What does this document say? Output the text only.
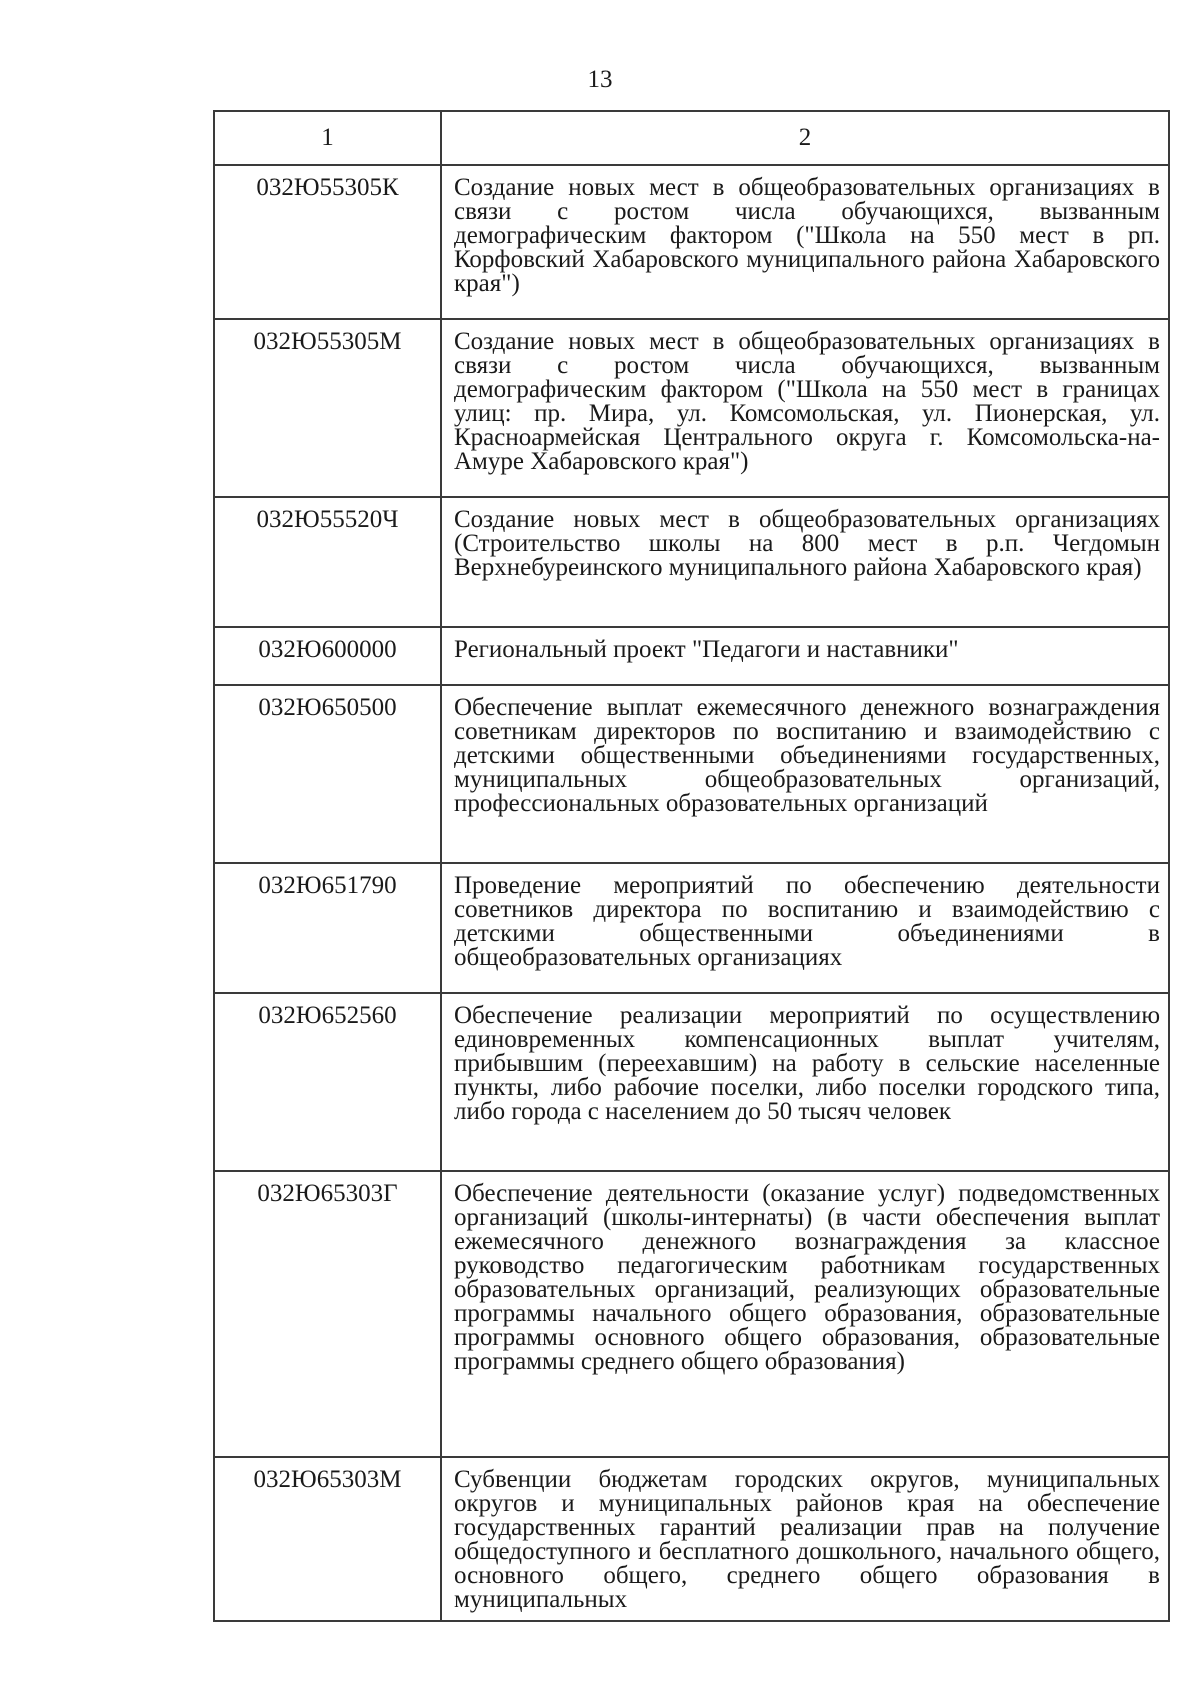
13
1	2
032Ю55305К	Создание новых мест в общеобразовательных организациях в связи с ростом числа обучающихся, вызванным демографическим фактором ("Школа на 550 мест в рп. Корфовский Хабаровского муниципального района Хабаровского края")
032Ю55305М	Создание новых мест в общеобразовательных организациях в связи с ростом числа обучающихся, вызванным демографическим фактором ("Школа на 550 мест в границах улиц: пр. Мира, ул. Комсомольская, ул. Пионерская, ул. Красноармейская Центрального округа г. Комсомольска-на-Амуре Хабаровского края")
032Ю55520Ч	Создание новых мест в общеобразовательных организациях (Строительство школы на 800 мест в р.п. Чегдомын Верхнебуреинского муниципального района Хабаровского края)
032Ю600000	Региональный проект "Педагоги и наставники"
032Ю650500	Обеспечение выплат ежемесячного денежного вознаграждения советникам директоров по воспитанию и взаимодействию с детскими общественными объединениями государственных, муниципальных общеобразовательных организаций, профессиональных образовательных организаций
032Ю651790	Проведение мероприятий по обеспечению деятельности советников директора по воспитанию и взаимодействию с детскими общественными объединениями в общеобразовательных организациях
032Ю652560	Обеспечение реализации мероприятий по осуществлению единовременных компенсационных выплат учителям, прибывшим (переехавшим) на работу в сельские населенные пункты, либо рабочие поселки, либо поселки городского типа, либо города с населением до 50 тысяч человек
032Ю65303Г	Обеспечение деятельности (оказание услуг) подведомственных организаций (школы-интернаты) (в части обеспечения выплат ежемесячного денежного вознаграждения за классное руководство педагогическим работникам государственных образовательных организаций, реализующих образовательные программы начального общего образования, образовательные программы основного общего образования, образовательные программы среднего общего образования)
032Ю65303М	Субвенции бюджетам городских округов, муниципальных округов и муниципальных районов края на обеспечение государственных гарантий реализации прав на получение общедоступного и бесплатного дошкольного, начального общего, основного общего, среднего общего образования в муниципальных
